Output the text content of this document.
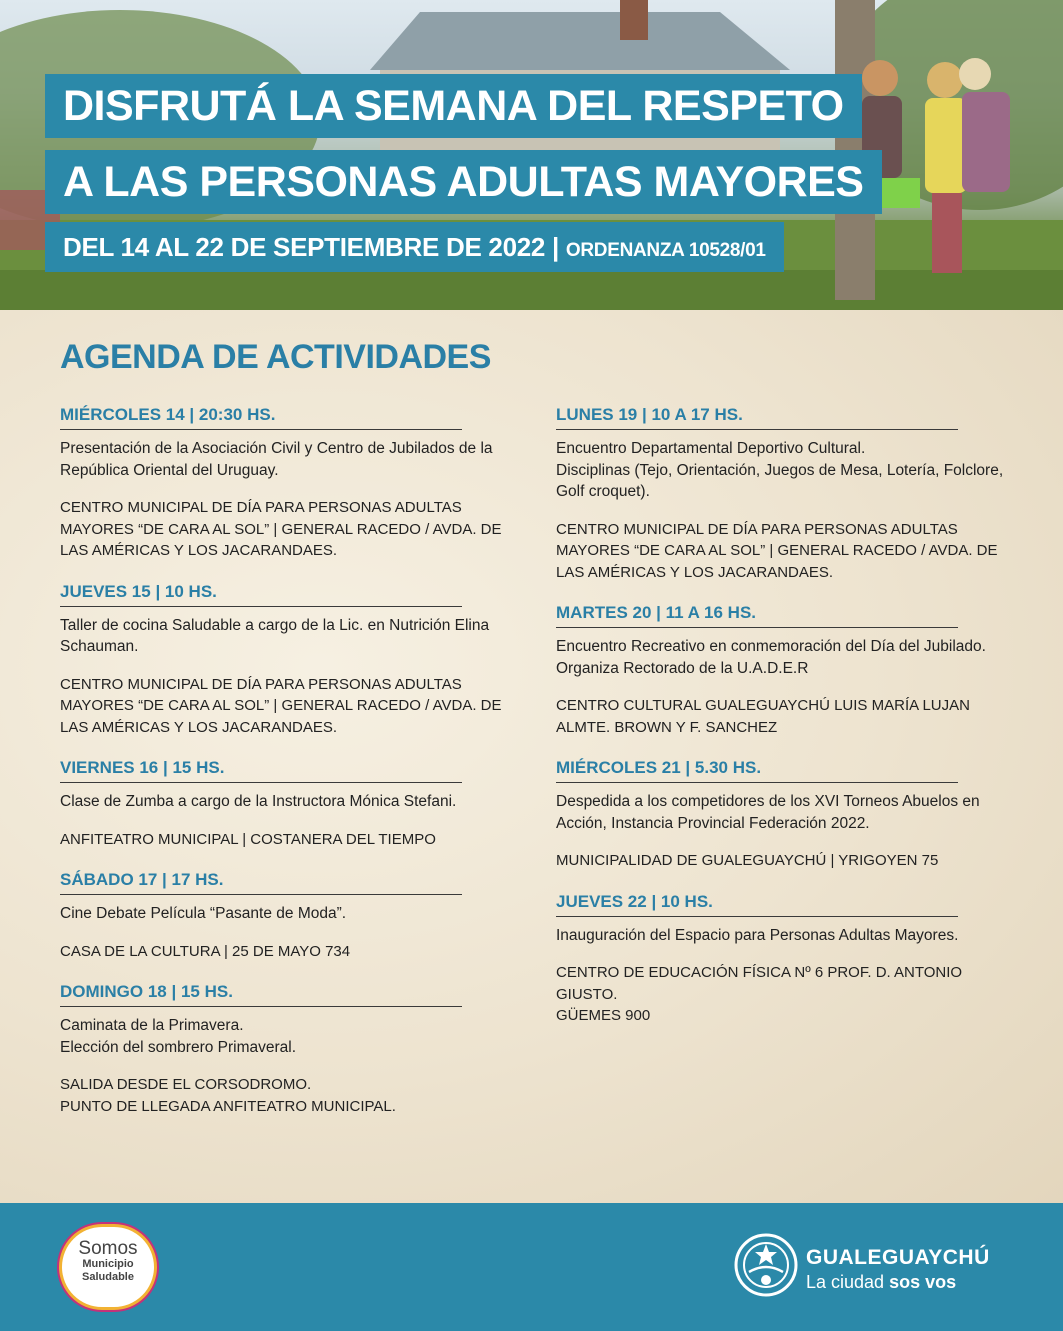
DISFRUTÁ LA SEMANA DEL RESPETO
A LAS PERSONAS ADULTAS MAYORES
DEL 14 AL 22 DE SEPTIEMBRE DE 2022 | ORDENANZA 10528/01
AGENDA DE ACTIVIDADES
MIÉRCOLES 14 | 20:30 HS.
Presentación de la Asociación Civil y Centro de Jubilados de la República Oriental del Uruguay.
CENTRO MUNICIPAL DE DÍA PARA PERSONAS ADULTAS MAYORES “DE CARA AL SOL” | GENERAL RACEDO / AVDA. DE LAS AMÉRICAS Y LOS JACARANDAES.
JUEVES 15 | 10 HS.
Taller de cocina Saludable a cargo de la Lic. en Nutrición Elina Schauman.
CENTRO MUNICIPAL DE DÍA PARA PERSONAS ADULTAS MAYORES “DE CARA AL SOL” | GENERAL RACEDO / AVDA. DE LAS AMÉRICAS Y LOS JACARANDAES.
VIERNES 16 | 15 HS.
Clase de Zumba a cargo de la Instructora Mónica Stefani.
ANFITEATRO MUNICIPAL | COSTANERA DEL TIEMPO
SÁBADO 17 | 17 HS.
Cine Debate Película “Pasante de Moda”.
CASA DE LA CULTURA | 25 DE MAYO 734
DOMINGO 18 | 15 HS.
Caminata de la Primavera.
Elección del sombrero Primaveral.
SALIDA DESDE EL CORSODROMO.
PUNTO DE LLEGADA ANFITEATRO MUNICIPAL.
LUNES 19 | 10 A 17 HS.
Encuentro Departamental Deportivo Cultural.
Disciplinas (Tejo, Orientación, Juegos de Mesa, Lotería, Folclore, Golf croquet).
CENTRO MUNICIPAL DE DÍA PARA PERSONAS ADULTAS MAYORES “DE CARA AL SOL” | GENERAL RACEDO / AVDA. DE LAS AMÉRICAS Y LOS JACARANDAES.
MARTES 20 | 11 A 16 HS.
Encuentro Recreativo en conmemoración del Día del Jubilado. Organiza Rectorado de la U.A.D.E.R
CENTRO CULTURAL GUALEGUAYCHÚ LUIS MARÍA LUJAN
ALMTE. BROWN Y F. SANCHEZ
MIÉRCOLES 21 | 5.30 HS.
Despedida a los competidores de los XVI Torneos Abuelos en Acción, Instancia Provincial Federación 2022.
MUNICIPALIDAD DE GUALEGUAYCHÚ | YRIGOYEN 75
JUEVES 22 | 10 HS.
Inauguración del Espacio para Personas Adultas Mayores.
CENTRO DE EDUCACIÓN FÍSICA Nº 6 PROF. D. ANTONIO GIUSTO.
GÜEMES 900
Somos
Municipio
Saludable
GUALEGUAYCHÚ
La ciudad sos vos
